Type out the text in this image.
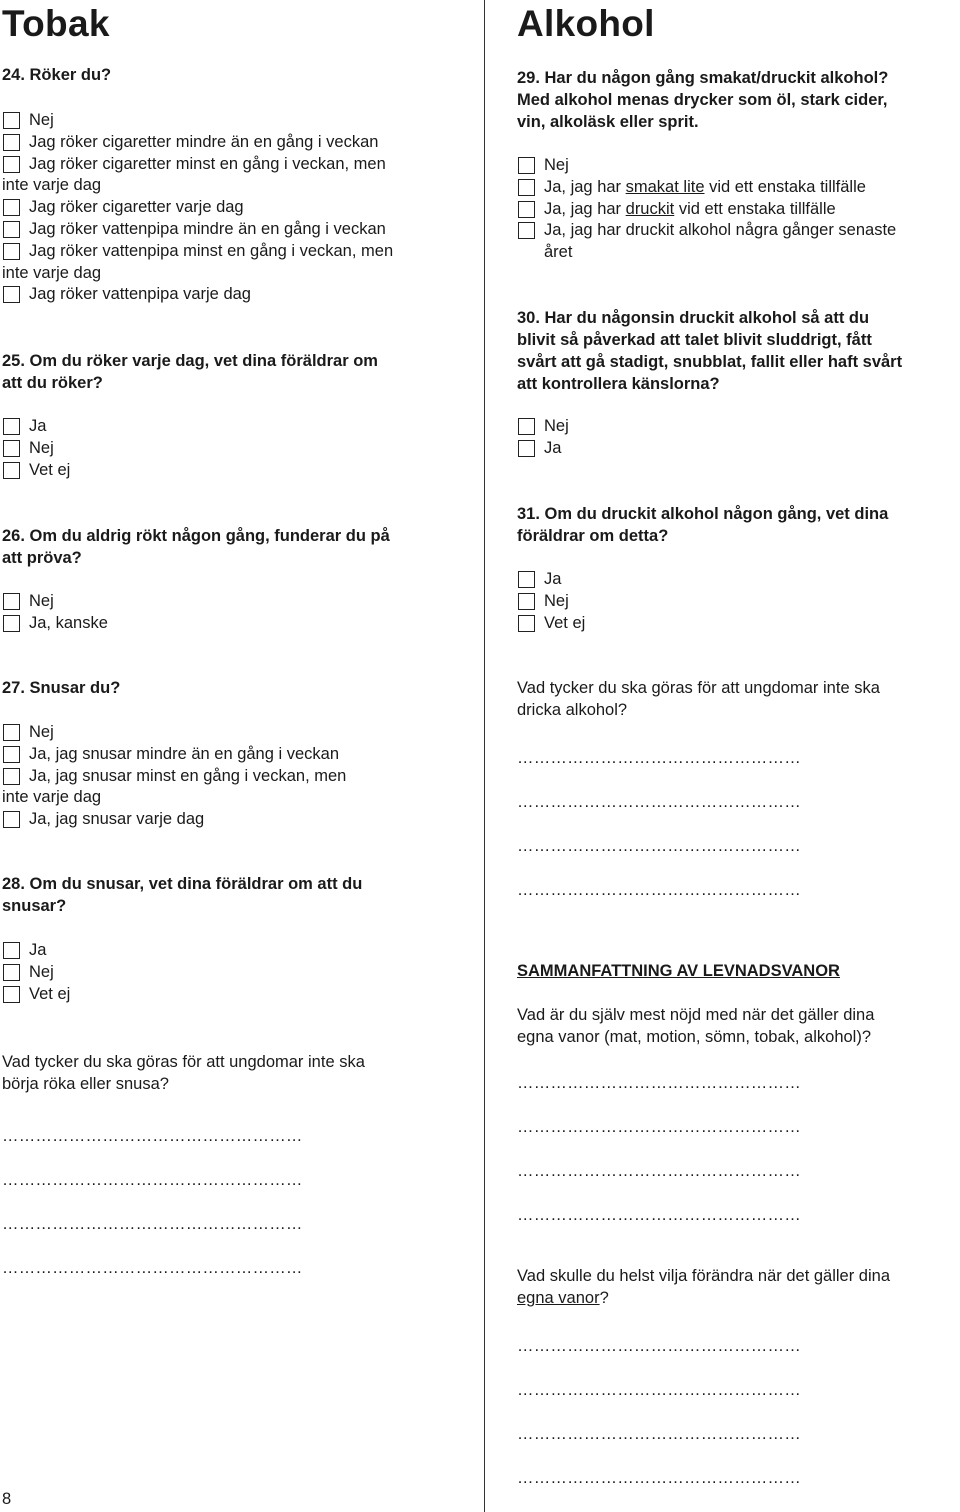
Tobak
24. Röker du?
Nej
Jag röker cigaretter mindre än en gång i veckan
Jag röker cigaretter minst en gång i veckan, men
inte varje dag
Jag röker cigaretter varje dag
Jag röker vattenpipa mindre än en gång i veckan
Jag röker vattenpipa minst en gång i veckan, men
inte varje dag
Jag röker vattenpipa varje dag
25. Om du röker varje dag, vet dina föräldrar om
att du röker?
Ja
Nej
Vet ej
26. Om du aldrig rökt någon gång, funderar du på
att pröva?
Nej
Ja, kanske
27. Snusar du?
Nej
Ja, jag snusar mindre än en gång i veckan
Ja, jag snusar minst en gång i veckan, men
inte varje dag
Ja, jag snusar varje dag
28. Om du snusar, vet dina föräldrar om att du
snusar?
Ja
Nej
Vet ej
Vad tycker du ska göras för att ungdomar inte ska
börja röka eller snusa?
………………………………………………
………………………………………………
………………………………………………
………………………………………………
8
Alkohol
29. Har du någon gång smakat/druckit alkohol?
Med alkohol menas drycker som öl, stark cider,
vin, alkoläsk eller sprit.
Nej
Ja, jag har smakat lite vid ett enstaka tillfälle
Ja, jag har druckit vid ett enstaka tillfälle
Ja, jag har druckit alkohol några gånger senaste
året
30. Har du någonsin druckit alkohol så att du
blivit så påverkad att talet blivit sluddrigt, fått
svårt att gå stadigt, snubblat, fallit eller haft svårt
att kontrollera känslorna?
Nej
Ja
31. Om du druckit alkohol någon gång, vet dina
föräldrar om detta?
Ja
Nej
Vet ej
Vad tycker du ska göras för att ungdomar inte ska
dricka alkohol?
……………………………………………
……………………………………………
……………………………………………
……………………………………………
SAMMANFATTNING AV LEVNADSVANOR
Vad är du själv mest nöjd med när det gäller dina
egna vanor (mat, motion, sömn, tobak, alkohol)?
……………………………………………
……………………………………………
……………………………………………
……………………………………………
Vad skulle du helst vilja förändra när det gäller dina
egna vanor?
……………………………………………
……………………………………………
……………………………………………
……………………………………………
